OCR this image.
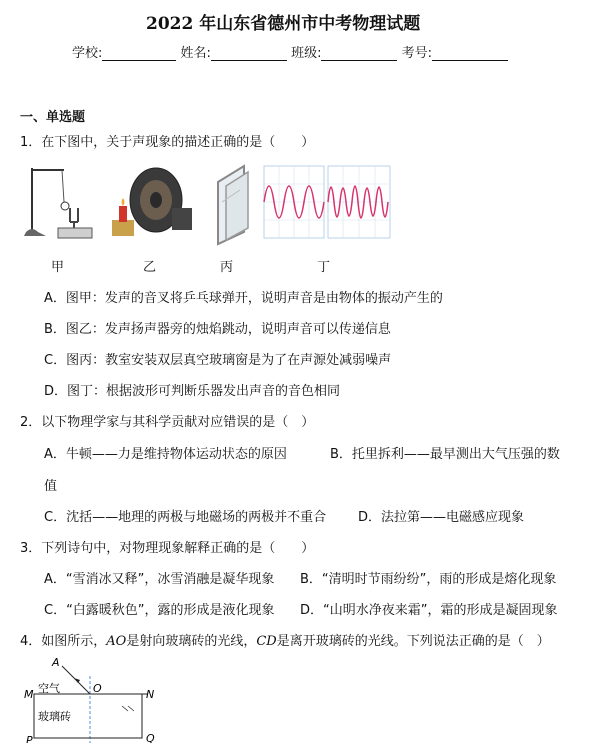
2022 年山东省德州市中考物理试题
学校:	姓名:	班级:	考号:
一、单选题
1．在下图中，关于声现象的描述正确的是（　　）
甲	乙	丙	丁
A．图甲：发声的音叉将乒乓球弹开，说明声音是由物体的振动产生的
B．图乙：发声扬声器旁的烛焰跳动，说明声音可以传递信息
C．图丙：教室安装双层真空玻璃窗是为了在声源处减弱噪声
D．图丁：根据波形可判断乐器发出声音的音色相同
2．以下物理学家与其科学贡献对应错误的是（　）
A．牛顿——力是维持物体运动状态的原因	B．托里拆利——最早测出大气压强的数
值
C．沈括——地理的两极与地磁场的两极并不重合 D．法拉第——电磁感应现象
3．下列诗句中，对物理现象解释正确的是（　　）
A．“雪消冰又释”，冰雪消融是凝华现象 B．“清明时节雨纷纷”，雨的形成是熔化现象
C．“白露暖秋色”，露的形成是液化现象 D．“山明水净夜来霜”，霜的形成是凝固现象
4．如图所示，AO是射向玻璃砖的光线，CD是离开玻璃砖的光线。下列说法正确的是（　）
A
M 空气	O	N
玻璃砖
P	Q
